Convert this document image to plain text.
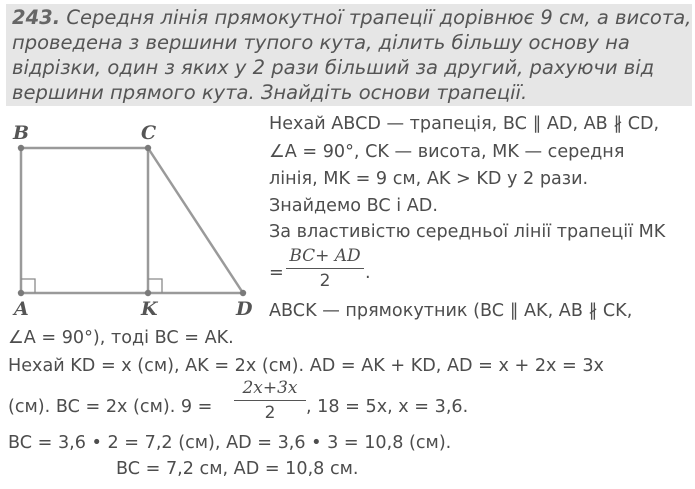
243. Середня лінія прямокутної трапеції дорівнює 9 см, а висота,
проведена з вершини тупого кута, ділить більшу основу на
відрізки, один з яких у 2 рази більший за другий, рахуючи від
вершини прямого кута. Знайдіть основи трапеції.
B	C
A	K	D
Нехай ABCD — трапеція, BC ∥ AD, AB ∦ CD,
∠A = 90°, CK — висота, MK — середня
лінія, MK = 9 см, AK > KD у 2 рази.
Знайдемо BC і AD.
За властивістю середньої лінії трапеції MK
=
BC+ AD
2	.
ABCK — прямокутник (BC ∥ AK, AB ∦ CK,
∠A = 90°), тоді BC = AK.
Нехай KD = x (см), AK = 2x (см). AD = AK + KD, AD = x + 2x = 3x
(см). BC = 2x (см). 9 =
2x+3x
2	, 18 = 5x, x = 3,6.
BC = 3,6 • 2 = 7,2 (см), AD = 3,6 • 3 = 10,8 (см).
BC = 7,2 см, AD = 10,8 см.
